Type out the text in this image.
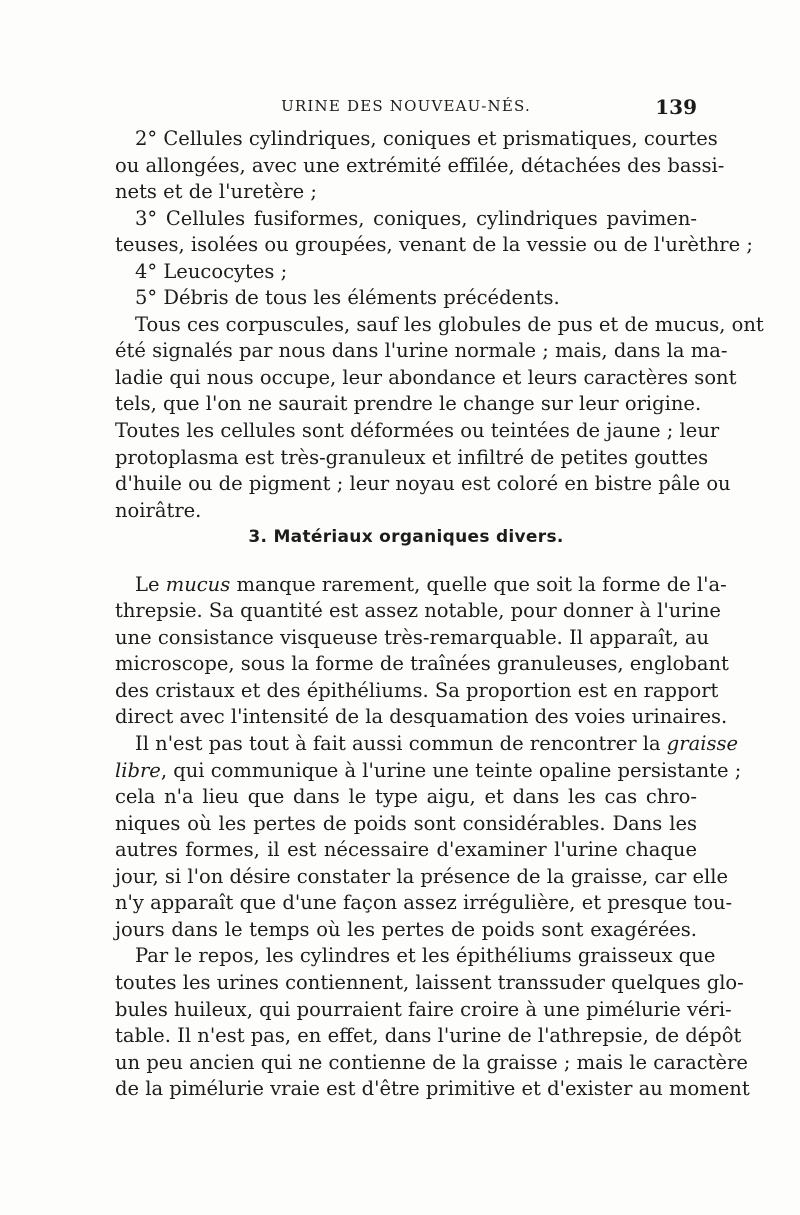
URINE DES NOUVEAU-NÉS.	139
2° Cellules cylindriques, coniques et prismatiques, courtes
ou allongées, avec une extrémité effilée, détachées des bassi-
nets et de l'uretère ;
3° Cellules fusiformes, coniques, cylindriques pavimen-
teuses, isolées ou groupées, venant de la vessie ou de l'urèthre ;
4° Leucocytes ;
5° Débris de tous les éléments précédents.
Tous ces corpuscules, sauf les globules de pus et de mucus, ont
été signalés par nous dans l'urine normale ; mais, dans la ma-
ladie qui nous occupe, leur abondance et leurs caractères sont
tels, que l'on ne saurait prendre le change sur leur origine.
Toutes les cellules sont déformées ou teintées de jaune ; leur
protoplasma est très-granuleux et infiltré de petites gouttes
d'huile ou de pigment ; leur noyau est coloré en bistre pâle ou
noirâtre.
3. Matériaux organiques divers.
Le mucus manque rarement, quelle que soit la forme de l'a-
threpsie. Sa quantité est assez notable, pour donner à l'urine
une consistance visqueuse très-remarquable. Il apparaît, au
microscope, sous la forme de traînées granuleuses, englobant
des cristaux et des épithéliums. Sa proportion est en rapport
direct avec l'intensité de la desquamation des voies urinaires.
Il n'est pas tout à fait aussi commun de rencontrer la graisse
libre, qui communique à l'urine une teinte opaline persistante ;
cela n'a lieu que dans le type aigu, et dans les cas chro-
niques où les pertes de poids sont considérables. Dans les
autres formes, il est nécessaire d'examiner l'urine chaque
jour, si l'on désire constater la présence de la graisse, car elle
n'y apparaît que d'une façon assez irrégulière, et presque tou-
jours dans le temps où les pertes de poids sont exagérées.
Par le repos, les cylindres et les épithéliums graisseux que
toutes les urines contiennent, laissent transsuder quelques glo-
bules huileux, qui pourraient faire croire à une pimélurie véri-
table. Il n'est pas, en effet, dans l'urine de l'athrepsie, de dépôt
un peu ancien qui ne contienne de la graisse ; mais le caractère
de la pimélurie vraie est d'être primitive et d'exister au moment
